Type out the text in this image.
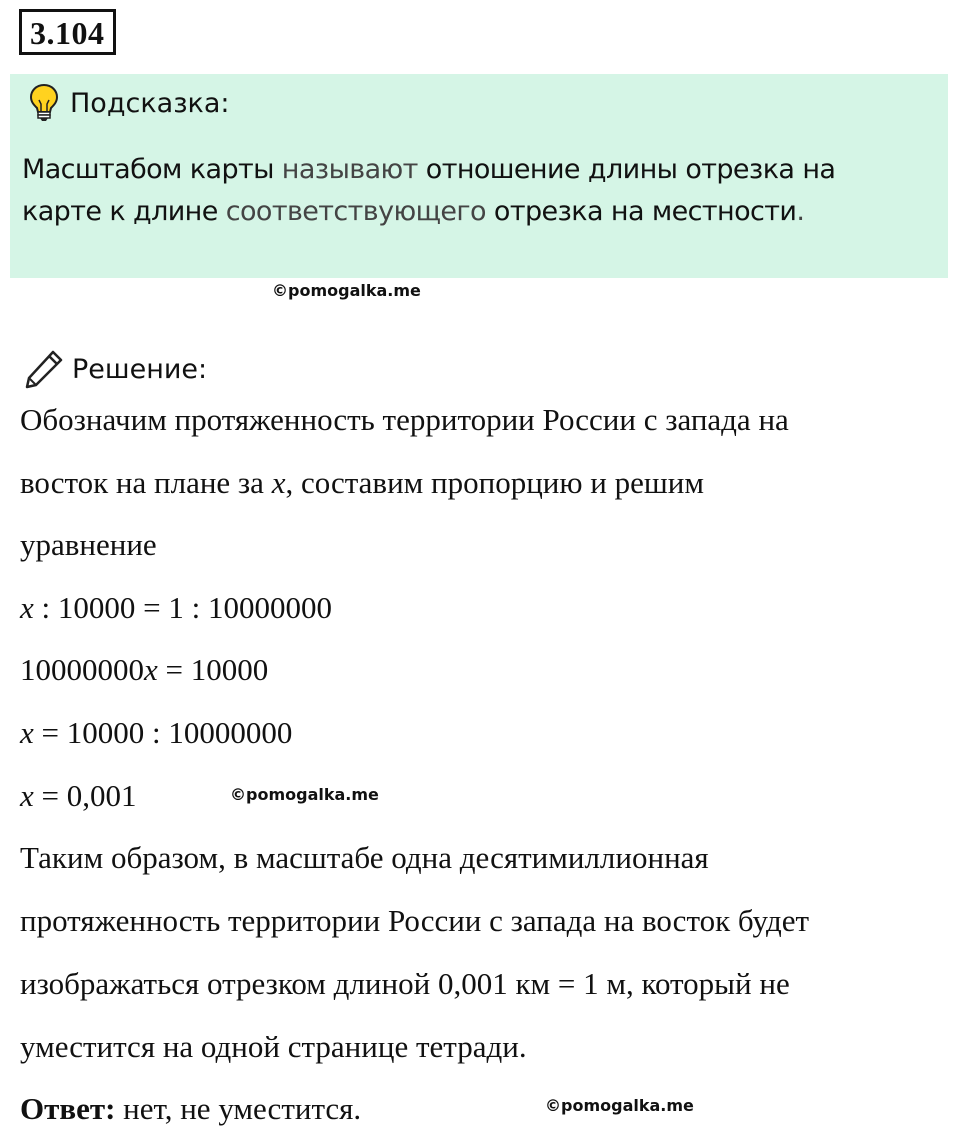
3.104
Подсказка:
Масштабом карты называют отношение длины отрезка на
карте к длине соответствующего отрезка на местности.
©pomogalka.me
Решение:
Обозначим протяженность территории России с запада на
восток на плане за x, составим пропорцию и решим
уравнение
x : 10000 = 1 : 10000000
10000000x = 10000
x = 10000 : 10000000
x = 0,001	©pomogalka.me
Таким образом, в масштабе одна десятимиллионная
протяженность территории России с запада на восток будет
изображаться отрезком длиной 0,001 км = 1 м, который не
уместится на одной странице тетради.
Ответ: нет, не уместится.	©pomogalka.me
